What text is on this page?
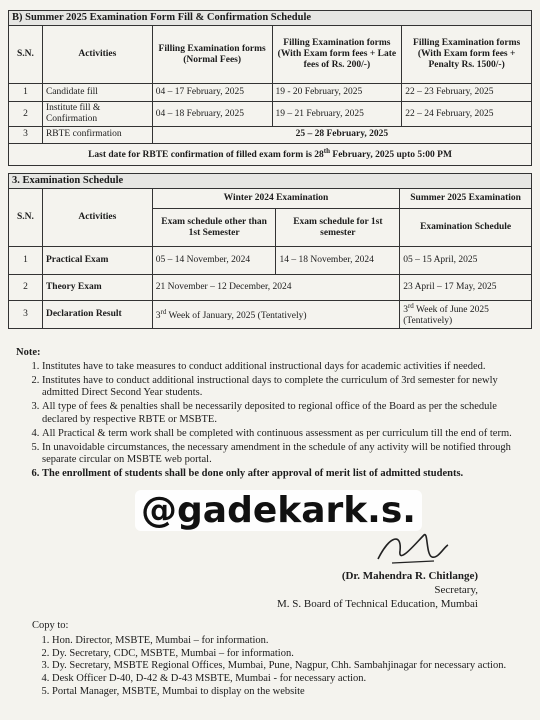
B) Summer 2025 Examination Form Fill & Confirmation Schedule				
S.N.	Activities	Filling Examination forms (Normal Fees)	Filling Examination forms (With Exam form fees + Late fees of Rs. 200/-)	Filling Examination forms (With Exam form fees + Penalty Rs. 1500/-)
1	Candidate fill	04 – 17 February, 2025	19 - 20 February, 2025	22 – 23 February, 2025
2	Institute fill & Confirmation	04 – 18 February, 2025	19 – 21 February, 2025	22 – 24 February, 2025
3	RBTE confirmation	25 – 28 February, 2025		
Last date for RBTE confirmation of filled exam form is 28th February, 2025 upto 5:00 PM				
3. Examination Schedule				
S.N.	Activities	Winter 2024 Examination		Summer 2025 Examination
		Exam schedule other than 1st Semester	Exam schedule for 1st semester	Examination Schedule
1	Practical Exam	05 – 14 November, 2024	14 – 18 November, 2024	05 – 15 April, 2025
2	Theory Exam	21 November – 12 December, 2024		23 April – 17 May, 2025
3	Declaration Result	3rd Week of January, 2025 (Tentatively)		3rd Week of June 2025 (Tentatively)
Note:
1. Institutes have to take measures to conduct additional instructional days for academic activities if needed.
2. Institutes have to conduct additional instructional days to complete the curriculum of 3rd semester for newly admitted Direct Second Year students.
3. All type of fees & penalties shall be necessarily deposited to regional office of the Board as per the schedule declared by respective RBTE or MSBTE.
4. All Practical & term work shall be completed with continuous assessment as per curriculum till the end of term.
5. In unavoidable circumstances, the necessary amendment in the schedule of any activity will be notified through separate circular on MSBTE web portal.
6. The enrollment of students shall be done only after approval of merit list of admitted students.
@gadekark.s.
(Dr. Mahendra R. Chitlange)
Secretary,
M. S. Board of Technical Education, Mumbai
Copy to:
1. Hon. Director, MSBTE, Mumbai – for information.
2. Dy. Secretary, CDC, MSBTE, Mumbai – for information.
3. Dy. Secretary, MSBTE Regional Offices, Mumbai, Pune, Nagpur, Chh. Sambahjinagar for necessary action.
4. Desk Officer D-40, D-42 & D-43 MSBTE, Mumbai - for necessary action.
5. Portal Manager, MSBTE, Mumbai to display on the website
